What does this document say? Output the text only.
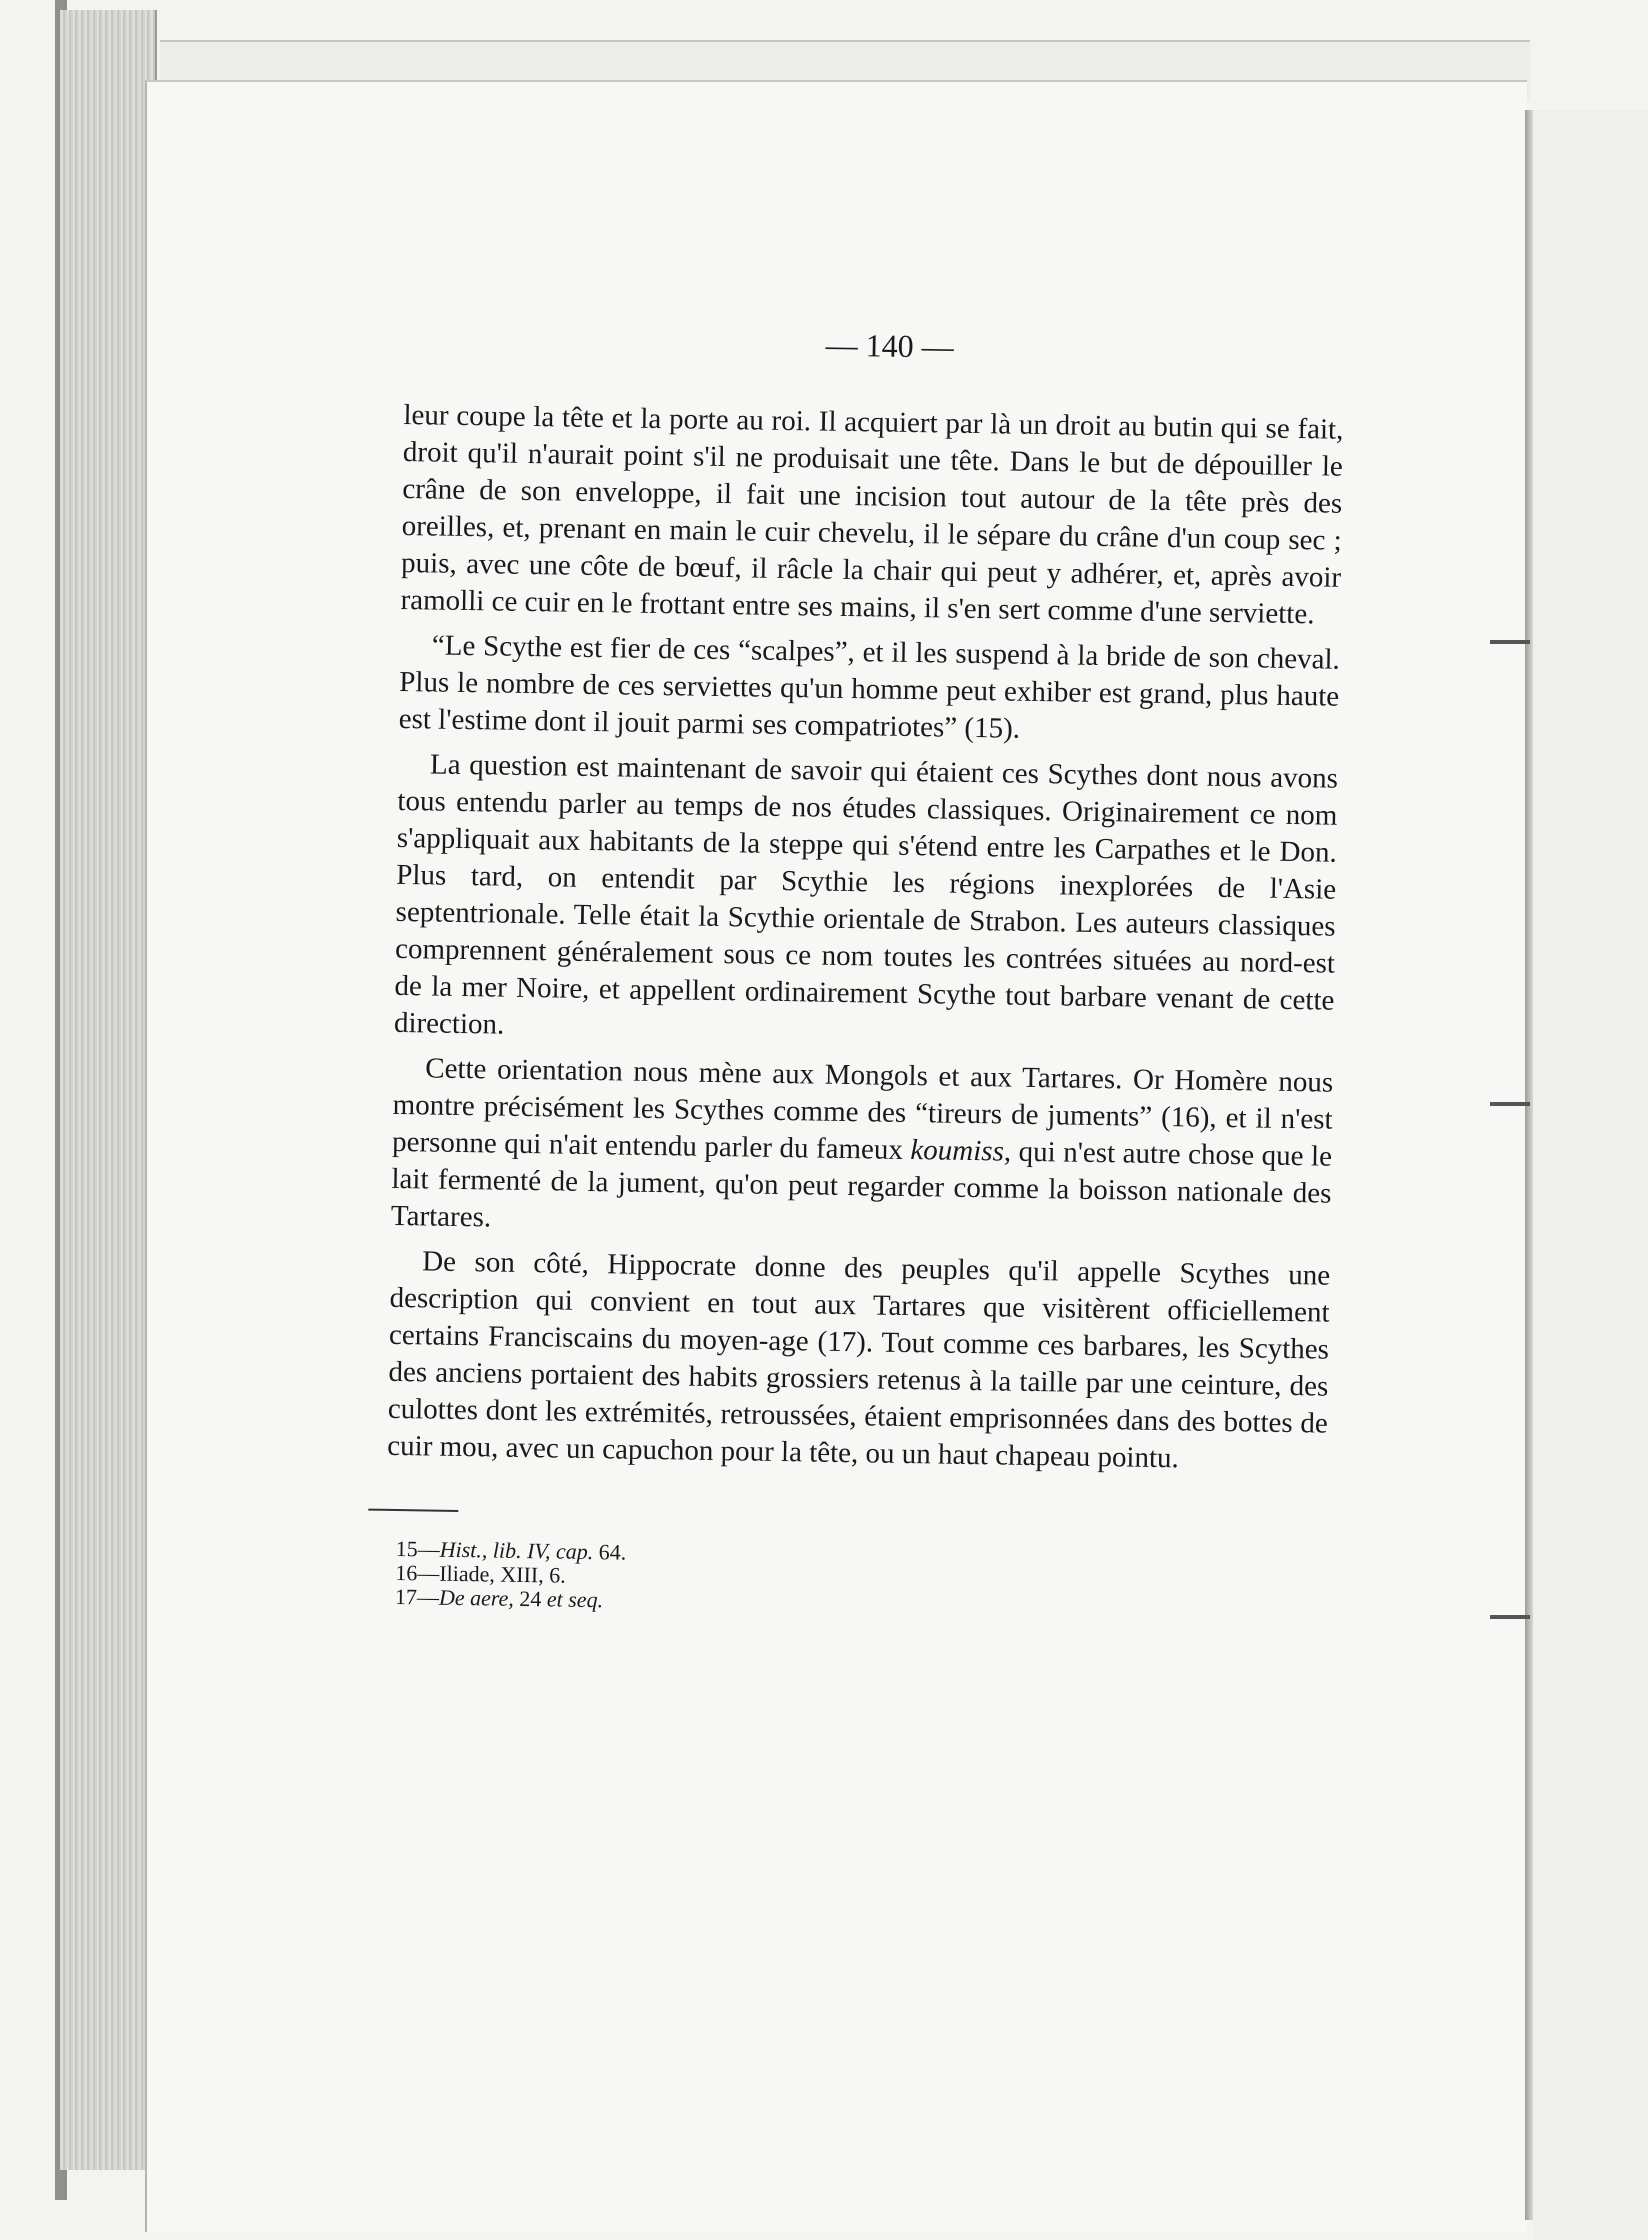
— 140 —

leur coupe la tête et la porte au roi. Il acquiert par là un droit au butin qui se fait, droit qu'il n'aurait point s'il ne produisait une tête. Dans le but de dépouiller le crâne de son enveloppe, il fait une incision tout autour de la tête près des oreilles, et, prenant en main le cuir chevelu, il le sépare du crâne d'un coup sec ; puis, avec une côte de bœuf, il râcle la chair qui peut y adhérer, et, après avoir ramolli ce cuir en le frottant entre ses mains, il s'en sert comme d'une serviette.

“Le Scythe est fier de ces “scalpes”, et il les suspend à la bride de son cheval. Plus le nombre de ces serviettes qu'un homme peut exhiber est grand, plus haute est l'estime dont il jouit parmi ses compatriotes” (15).

La question est maintenant de savoir qui étaient ces Scythes dont nous avons tous entendu parler au temps de nos études classiques. Originairement ce nom s'appliquait aux habitants de la steppe qui s'étend entre les Carpathes et le Don. Plus tard, on entendit par Scythie les régions inexplorées de l'Asie septentrionale. Telle était la Scythie orientale de Strabon. Les auteurs classiques comprennent généralement sous ce nom toutes les contrées situées au nord-est de la mer Noire, et appellent ordinairement Scythe tout barbare venant de cette direction.

Cette orientation nous mène aux Mongols et aux Tartares. Or Homère nous montre précisément les Scythes comme des “tireurs de juments” (16), et il n'est personne qui n'ait entendu parler du fameux koumiss, qui n'est autre chose que le lait fermenté de la jument, qu'on peut regarder comme la boisson nationale des Tartares.

De son côté, Hippocrate donne des peuples qu'il appelle Scythes une description qui convient en tout aux Tartares que visitèrent officiellement certains Franciscains du moyen-age (17). Tout comme ces barbares, les Scythes des anciens portaient des habits grossiers retenus à la taille par une ceinture, des culottes dont les extrémités, retroussées, étaient emprisonnées dans des bottes de cuir mou, avec un capuchon pour la tête, ou un haut chapeau pointu.

15—Hist., lib. IV, cap. 64.
16—Iliade, XIII, 6.
17—De aere, 24 et seq.
